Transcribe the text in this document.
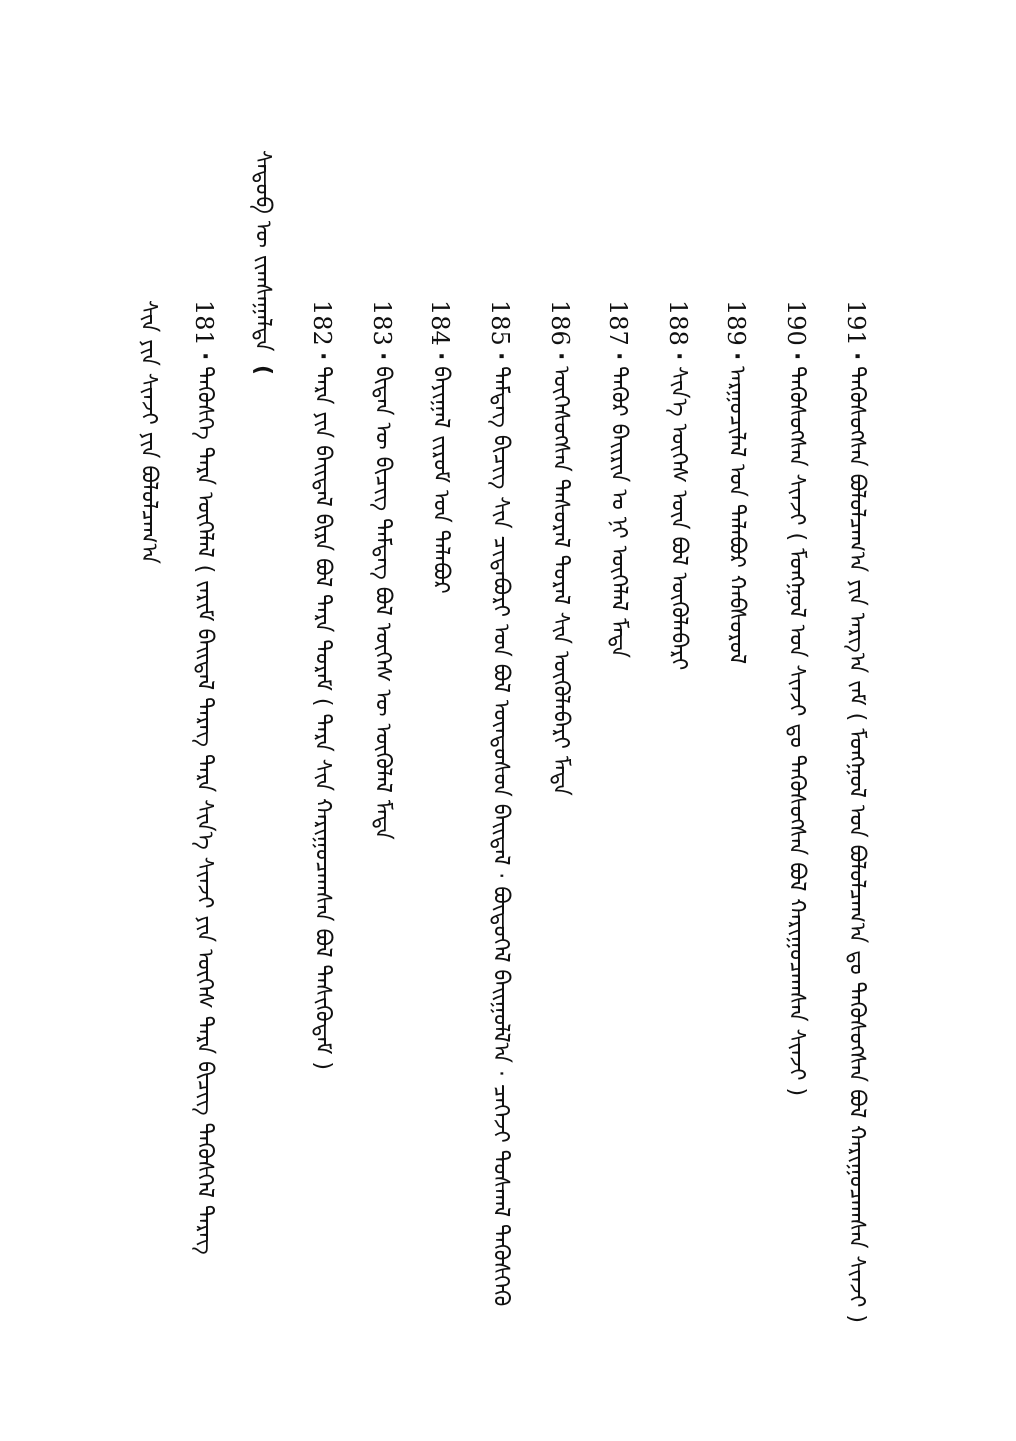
191·ᠲᠡᠭᠦᠰᠦᠭᠰᠡᠨ ᠪᠣᠯᠤᠯᠴᠠᠭ᠎ᠠ ᠶᠢᠨ ᠠᠷᠭ᠎ᠠ ᠵᠠᠮ ( ᠮᠣᠩᠭᠣᠯ ᠤᠨ ᠪᠣᠯᠤᠯᠴᠠᠭ᠎ᠠ ᠳᠤ ᠲᠡᠭᠦᠰᠦᠭᠰᠡᠨ ᠪᠣᠯ ᠬᠠᠷᠢᠭᠤᠴᠠᠭᠰᠠᠨ ᠰᠢᠨᠵᠢ )
190·ᠲᠡᠭᠦᠰᠦᠭᠰᠡᠨ ᠰᠢᠨᠵᠢ ( ᠮᠣᠩᠭᠣᠯ ᠤᠨ ᠰᠢᠨᠵᠢ ᠳᠤ ᠲᠡᠭᠦᠰᠦᠭᠰᠡᠨ ᠪᠣᠯ ᠬᠠᠷᠢᠭᠤᠴᠠᠭᠰᠠᠨ ᠰᠢᠨᠵᠢ )
189·ᠠᠷᠭᠤᠴᠢᠯᠠᠯ ᠤᠨ ᠲᠠᠯᠠᠪᠤᠷ ᠬᠠᠪᠰᠤᠷᠤᠯ
188·ᠰᠢᠨ᠎ᠡ ᠦᠭᠡᠰ ᠦᠨ ᠪᠣᠯ ᠦᠭᠦᠯᠡᠪᠡᠷᠢ
187·ᠲᠡᠭᠦᠷ ᠪᠠᠢᠷᠢᠨ ᠤ ᠨᠢ ᠦᠭᠡᠯᠡᠯ ᠮᠡᠳᠡ
186·ᠦᠭᠡᠰᠦᠭᠰᠡᠨ ᠲᠠᠰᠤᠷᠠᠯ ᠲᠤᠷᠠᠯ ᠰᠢᠨ ᠦᠭᠦᠯᠡᠪᠡᠷᠢ ᠮᠡᠳᠡ
185·ᠲᠡᠮᠳᠡᠭ ᠪᠢᠴᠢᠭ ᠰᠢᠨ ᠴᠢᠳᠠᠪᠤᠷᠢ ᠤᠨ ᠪᠣᠯ ᠦᠨᠳᠦᠰᠦᠨ ᠪᠠᠢᠳᠠᠯ · ᠪᠦᠲᠦᠭᠡᠯ ᠪᠠᠢᠭᠤᠯᠯ᠎ᠠ · ᠴᠡᠭᠡᠵᠢ ᠲᠤᠰᠬᠠᠯ ᠲᠡᠭᠦᠰᠬᠡᠬᠦ
184·ᠪᠠᠶᠢᠭᠠᠯ ᠵᠢᠷᠤᠮ ᠤᠨ ᠲᠠᠯᠠᠪᠤᠷ
183·ᠪᠢᠳᠡᠨ ᠦ ᠪᠢᠴᠢᠭ ᠲᠡᠮᠳᠡᠭ ᠪᠣᠯ ᠦᠭᠡᠰ ᠦ ᠦᠭᠦᠯᠡᠯ ᠮᠡᠳᠡ
182·ᠲᠡᠷᠡ ᠶᠢᠨ ᠪᠠᠢᠳᠠᠯ ᠪᠢᠷᠠ ᠪᠣᠯ ᠲᠡᠷᠡ ᠳᠤᠷᠠᠮ ( ᠲᠡᠷᠡ ᠰᠢᠨ ᠬᠠᠷᠢᠭᠤᠴᠠᠭᠰᠠᠨ ᠪᠣᠯ ᠲᠡᠰᠢᠭᠦᠳᠡᠮ )
ᠰᠡᠳᠦᠪ ᠦ ᠵᠢᠭᠰᠠᠭᠠᠯᠲᠠ (
181·ᠲᠡᠭᠦᠰᠭᠡ ᠲᠡᠷᠡ ᠦᠭᠡᠯᠡᠯ ( ᠵᠠᠷᠢᠮ ᠪᠠᠢᠳᠠᠯ ᠲᠡᠷᠡᠭ ᠲᠡᠷᠡ ᠰᠢᠨ᠎ᠡ ᠰᠢᠨᠵᠢ ᠶᠢᠨ ᠦᠭᠡᠰ ᠲᠡᠷᠡ ᠪᠢᠴᠢᠭ ᠲᠡᠭᠦᠰᠭᠡᠯ ᠲᠡᠷᠡᠭ
ᠰᠢᠨ ᠶᠢᠨ ᠰᠢᠨᠵᠢ ᠶᠢᠨ ᠪᠣᠯᠤᠯᠴᠠᠭ᠎ᠠ
